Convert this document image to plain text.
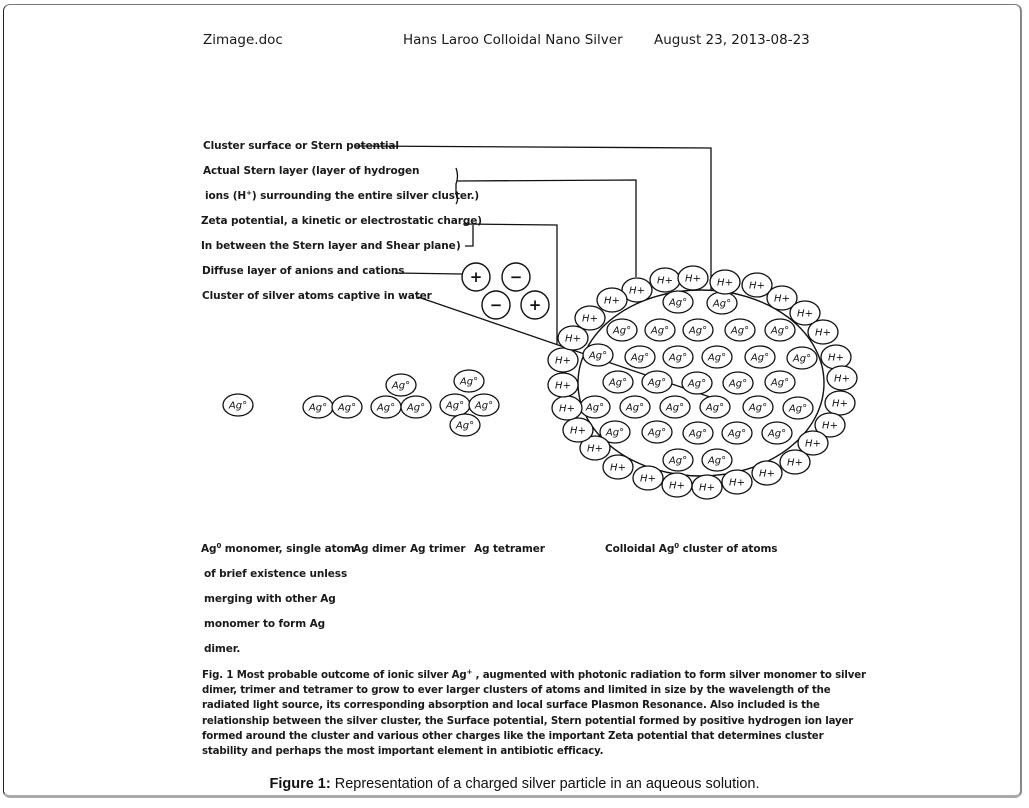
Zimage.doc	Hans Laroo Colloidal Nano Silver August 23, 2013-08-23
Cluster surface or Stern potential
Actual Stern layer (layer of hydrogen
ions (H+) surrounding the entire silver cluster.)
Zeta potential, a kinetic or electrostatic charge)
In between the Stern layer and Shear plane )
Diffuse layer of anions and cations
Cluster of silver atoms captive in water
+ −
− +
Ag°	Ag° Ag°
Ag°
Ag° Ag°
Ag°
Ag° Ag°
Ag°
Ag°	Ag°
Ag° Ag° Ag° Ag° Ag°
Ag° Ag° Ag° Ag° Ag° Ag°
Ag° Ag° Ag° Ag° Ag°
Ag° Ag° Ag° Ag° Ag° Ag°
Ag° Ag° Ag° Ag° Ag°
Ag° Ag°
H+
H+ H+ H+ H+
H+
H+
H+
H+
H+
H+
H+
H+
H+
H+
H+
H+
H+
H+
H+
H+
H+
H+
H+
H+
H+
H+
H+
$Ag^0$ monomer, single atom
Ag dimer Ag trimer Ag tetramer	Colloidal Ag$^0$ cluster of atoms
of brief existence unless
merging with other Ag
monomer to form Ag
dimer.
Fig. 1 Most probable outcome of ionic silver Ag+ , augmented with photonic radiation to form silver monomer to silver dimer, trimer and tetramer to grow to ever larger clusters of atoms and limited in size by the wavelength of the radiated light source, its corresponding absorption and local surface Plasmon Resonance. Also included is the relationship between the silver cluster, the Surface potential, Stern potential formed by positive hydrogen ion layer formed around the cluster and various other charges like the important Zeta potential that determines cluster stability and perhaps the most important element in antibiotic efficacy.
Figure 1: Representation of a charged silver particle in an aqueous solution.
